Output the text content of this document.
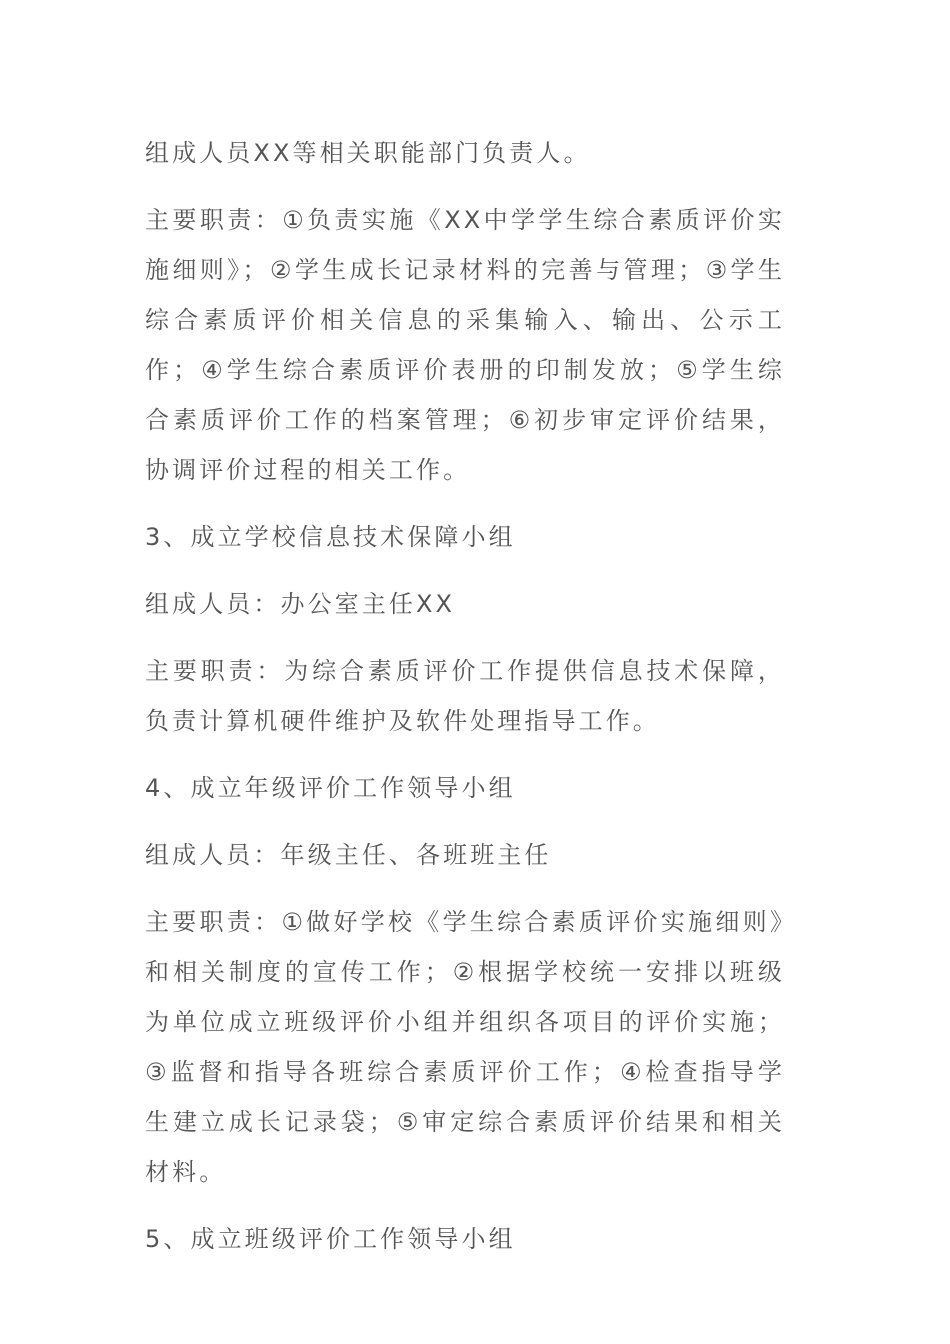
组成人员XX等相关职能部门负责人。

主要职责：①负责实施《XX中学学生综合素质评价实施细则》；②学生成长记录材料的完善与管理；③学生综合素质评价相关信息的采集输入、输出、公示工作；④学生综合素质评价表册的印制发放；⑤学生综合素质评价工作的档案管理；⑥初步审定评价结果，协调评价过程的相关工作。

3、成立学校信息技术保障小组

组成人员：办公室主任XX

主要职责：为综合素质评价工作提供信息技术保障，负责计算机硬件维护及软件处理指导工作。

4、成立年级评价工作领导小组

组成人员：年级主任、各班班主任

主要职责：①做好学校《学生综合素质评价实施细则》和相关制度的宣传工作；②根据学校统一安排以班级为单位成立班级评价小组并组织各项目的评价实施；③监督和指导各班综合素质评价工作；④检查指导学生建立成长记录袋；⑤审定综合素质评价结果和相关材料。

5、成立班级评价工作领导小组
